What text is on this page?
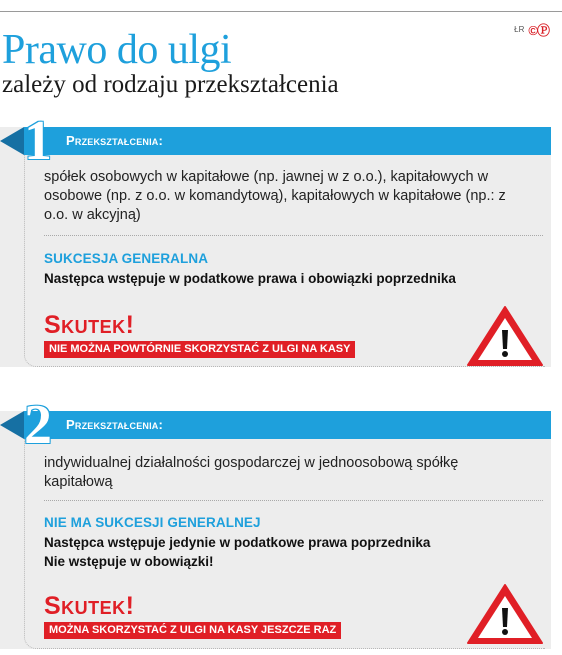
ŁR ©Ⓟ
Prawo do ulgi
zależy od rodzaju przekształcenia
Przekształcenia:
1
spółek osobowych w kapitałowe (np. jawnej w z o.o.), kapitałowych w osobowe (np. z o.o. w komandytową), kapitałowych w kapitałowe (np.: z o.o. w akcyjną)
SUKCESJA GENERALNA
Następca wstępuje w podatkowe prawa i obowiązki poprzednika
Skutek!
NIE MOŻNA POWTÓRNIE SKORZYSTAĆ Z ULGI NA KASY
Przekształcenia:
2
indywidualnej działalności gospodarczej w jednoosobową spółkę kapitałową
NIE MA SUKCESJI GENERALNEJ
Następca wstępuje jedynie w podatkowe prawa poprzednika
Nie wstępuje w obowiązki!
Skutek!
MOŻNA SKORZYSTAĆ Z ULGI NA KASY JESZCZE RAZ
